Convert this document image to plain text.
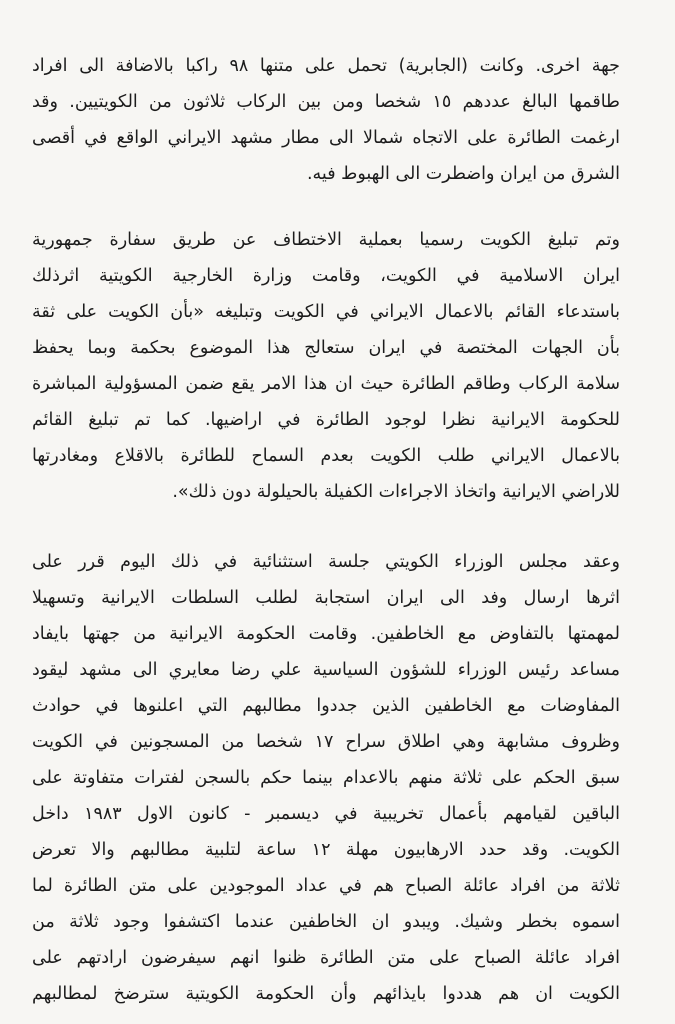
جهة اخرى. وكانت (الجابرية) تحمل على متنها ٩٨ راكبا بالاضافة الى افراد
طاقمها البالغ عددهم ١٥ شخصا ومن بين الركاب ثلاثون من الكويتيين. وقد
ارغمت الطائرة على الاتجاه شمالا الى مطار مشهد الايراني الواقع في أقصى
الشرق من ايران واضطرت الى الهبوط فيه.
وتم تبليغ الكويت رسميا بعملية الاختطاف عن طريق سفارة جمهورية
ايران الاسلامية في الكويت، وقامت وزارة الخارجية الكويتية اثرذلك
باستدعاء القائم بالاعمال الايراني في الكويت وتبليغه «بأن الكويت على ثقة
بأن الجهات المختصة في ايران ستعالج هذا الموضوع بحكمة وبما يحفظ
سلامة الركاب وطاقم الطائرة حيث ان هذا الامر يقع ضمن المسؤولية المباشرة
للحكومة الايرانية نظرا لوجود الطائرة في اراضيها. كما تم تبليغ القائم
بالاعمال الايراني طلب الكويت بعدم السماح للطائرة بالاقلاع ومغادرتها
للاراضي الايرانية واتخاذ الاجراءات الكفيلة بالحيلولة دون ذلك».
وعقد مجلس الوزراء الكويتي جلسة استثنائية في ذلك اليوم قرر على
اثرها ارسال وفد الى ايران استجابة لطلب السلطات الايرانية وتسهيلا
لمهمتها بالتفاوض مع الخاطفين. وقامت الحكومة الايرانية من جهتها بايفاد
مساعد رئيس الوزراء للشؤون السياسية علي رضا معايري الى مشهد ليقود
المفاوضات مع الخاطفين الذين جددوا مطالبهم التي اعلنوها في حوادث
وظروف مشابهة وهي اطلاق سراح ١٧ شخصا من المسجونين في الكويت
سبق الحكم على ثلاثة منهم بالاعدام بينما حكم بالسجن لفترات متفاوتة على
الباقين لقيامهم بأعمال تخريبية في ديسمبر - كانون الاول ١٩٨٣ داخل
الكويت. وقد حدد الارهابيون مهلة ١٢ ساعة لتلبية مطالبهم والا تعرض
ثلاثة من افراد عائلة الصباح هم في عداد الموجودين على متن الطائرة لما
اسموه بخطر وشيك. ويبدو ان الخاطفين عندما اكتشفوا وجود ثلاثة من
افراد عائلة الصباح على متن الطائرة ظنوا انهم سيفرضون ارادتهم على
الكويت ان هم هددوا بايذائهم وأن الحكومة الكويتية سترضخ لمطالبهم
